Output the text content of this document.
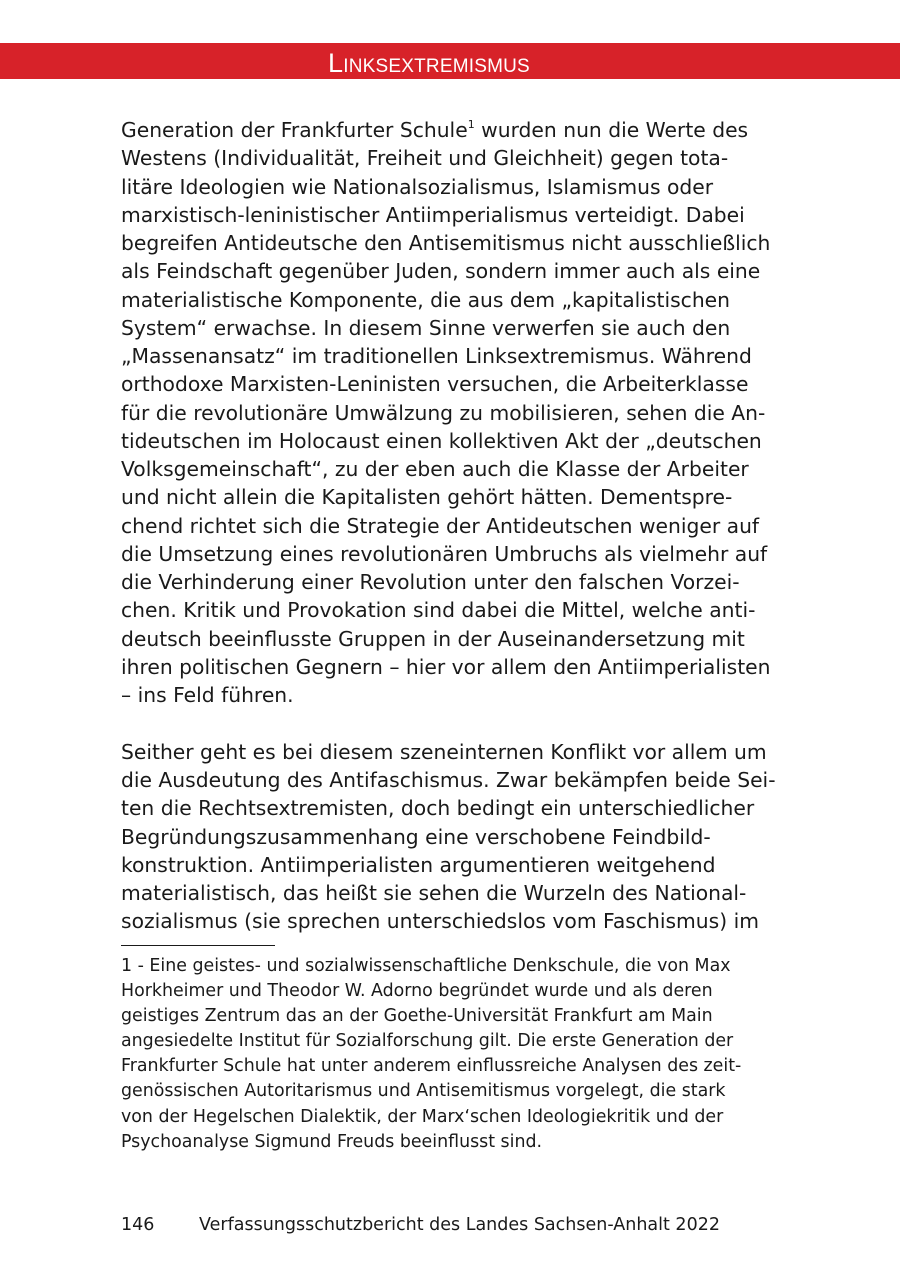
Linksextremismus
Generation der Frankfurter Schule$^1$ wurden nun die Werte des
Westens (Individualität, Freiheit und Gleichheit) gegen tota-
litäre Ideologien wie Nationalsozialismus, Islamismus oder
marxistisch-leninistischer Antiimperialismus verteidigt. Dabei
begreifen Antideutsche den Antisemitismus nicht ausschließlich
als Feindschaft gegenüber Juden, sondern immer auch als eine
materialistische Komponente, die aus dem „kapitalistischen
System“ erwachse. In diesem Sinne verwerfen sie auch den
„Massenansatz“ im traditionellen Linksextremismus. Während
orthodoxe Marxisten-Leninisten versuchen, die Arbeiterklasse
für die revolutionäre Umwälzung zu mobilisieren, sehen die An-
tideutschen im Holocaust einen kollektiven Akt der „deutschen
Volksgemeinschaft“, zu der eben auch die Klasse der Arbeiter
und nicht allein die Kapitalisten gehört hätten. Dementspre-
chend richtet sich die Strategie der Antideutschen weniger auf
die Umsetzung eines revolutionären Umbruchs als vielmehr auf
die Verhinderung einer Revolution unter den falschen Vorzei-
chen. Kritik und Provokation sind dabei die Mittel, welche anti-
deutsch beeinflusste Gruppen in der Auseinandersetzung mit
ihren politischen Gegnern – hier vor allem den Antiimperialisten
– ins Feld führen.
Seither geht es bei diesem szeneinternen Konflikt vor allem um
die Ausdeutung des Antifaschismus. Zwar bekämpfen beide Sei-
ten die Rechtsextremisten, doch bedingt ein unterschiedlicher
Begründungszusammenhang eine verschobene Feindbild-
konstruktion. Antiimperialisten argumentieren weitgehend
materialistisch, das heißt sie sehen die Wurzeln des National-
sozialismus (sie sprechen unterschiedslos vom Faschismus) im
1 - Eine geistes- und sozialwissenschaftliche Denkschule, die von Max
Horkheimer und Theodor W. Adorno begründet wurde und als deren
geistiges Zentrum das an der Goethe-Universität Frankfurt am Main
angesiedelte Institut für Sozialforschung gilt. Die erste Generation der
Frankfurter Schule hat unter anderem einflussreiche Analysen des zeit-
genössischen Autoritarismus und Antisemitismus vorgelegt, die stark
von der Hegelschen Dialektik, der Marx‘schen Ideologiekritik und der
Psychoanalyse Sigmund Freuds beeinflusst sind.
146	Verfassungsschutzbericht des Landes Sachsen-Anhalt 2022
